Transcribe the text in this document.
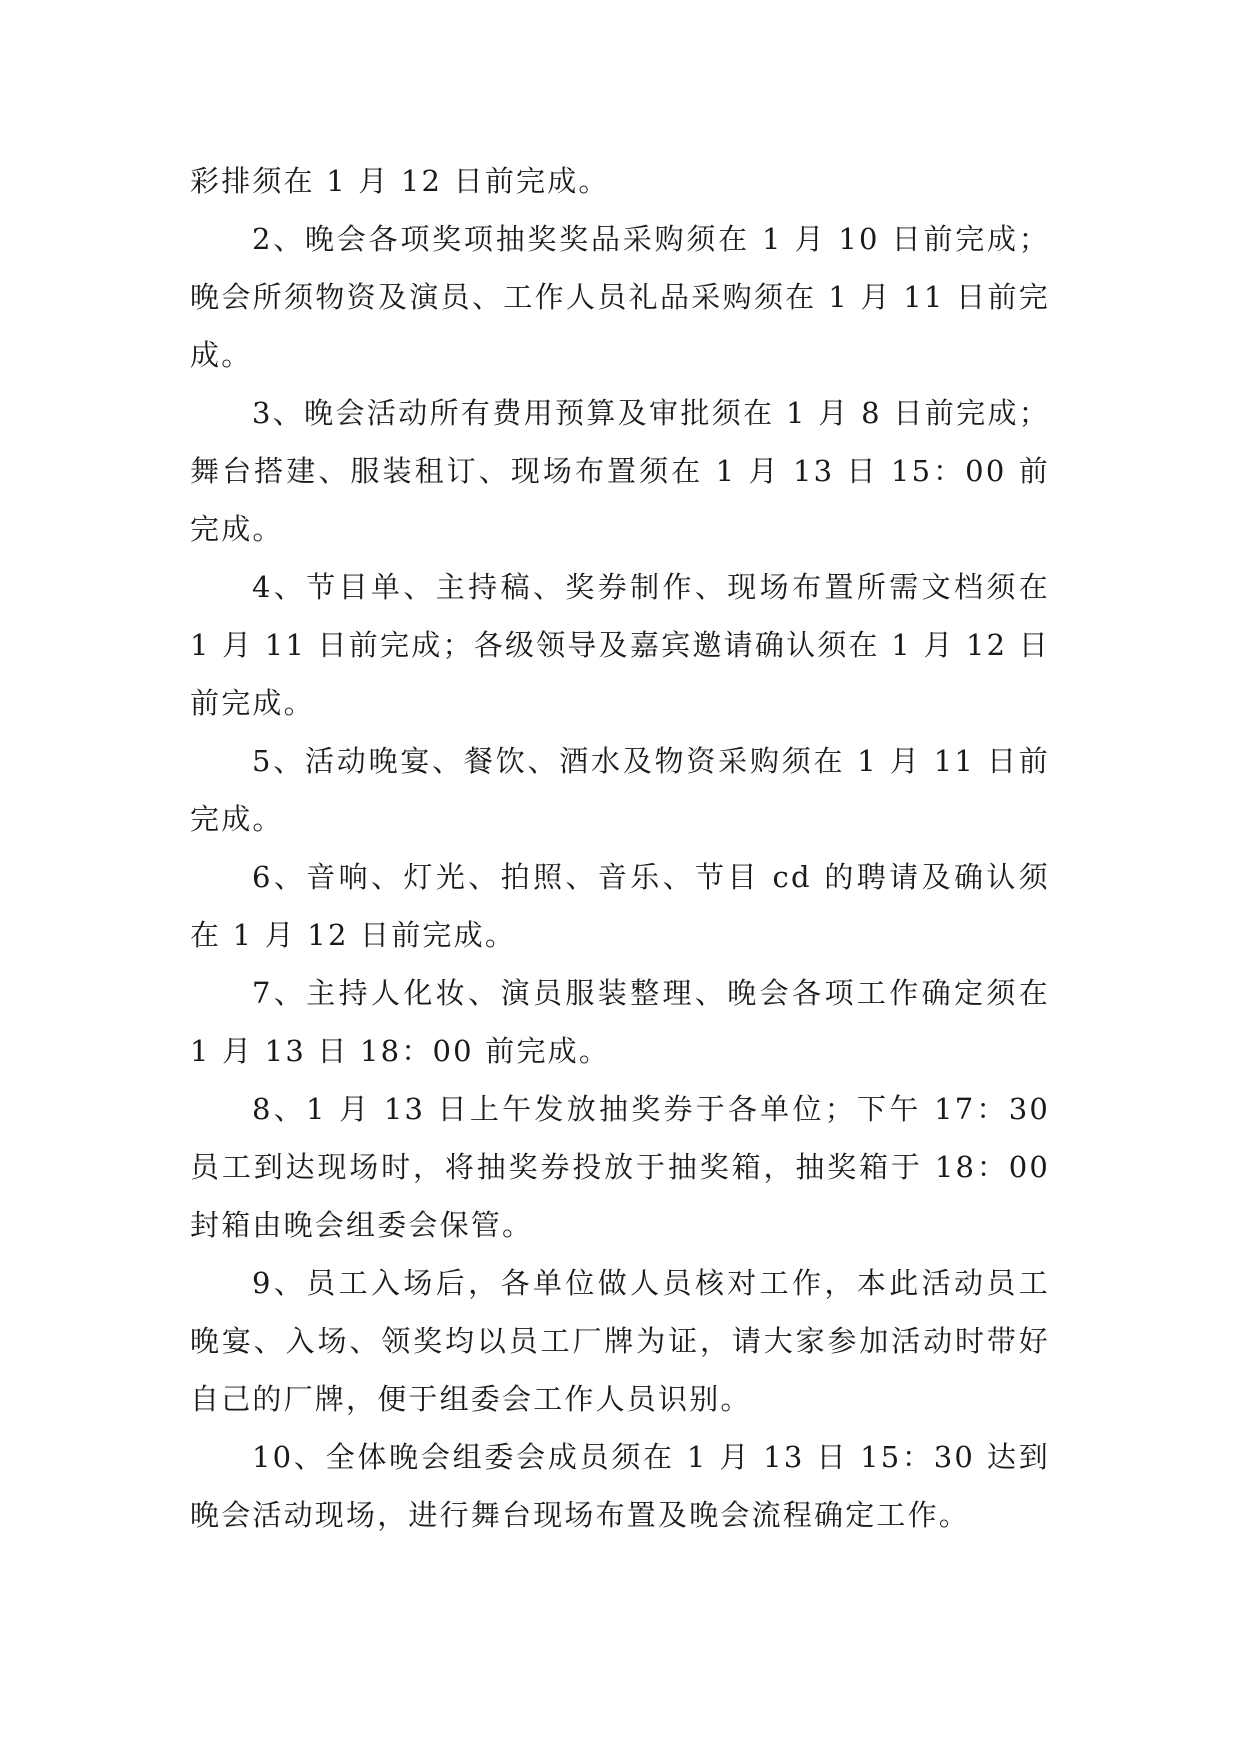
彩排须在 1 月 12 日前完成。

2、晚会各项奖项抽奖奖品采购须在 1 月 10 日前完成；晚会所须物资及演员、工作人员礼品采购须在 1 月 11 日前完成。

3、晚会活动所有费用预算及审批须在 1 月 8 日前完成；舞台搭建、服装租订、现场布置须在 1 月 13 日 15：00 前完成。

4、节目单、主持稿、奖券制作、现场布置所需文档须在 1 月 11 日前完成；各级领导及嘉宾邀请确认须在 1 月 12 日前完成。

5、活动晚宴、餐饮、酒水及物资采购须在 1 月 11 日前完成。

6、音响、灯光、拍照、音乐、节目 cd 的聘请及确认须在 1 月 12 日前完成。

7、主持人化妆、演员服装整理、晚会各项工作确定须在 1 月 13 日 18：00 前完成。

8、1 月 13 日上午发放抽奖券于各单位；下午 17：30 员工到达现场时，将抽奖券投放于抽奖箱，抽奖箱于 18：00 封箱由晚会组委会保管。

9、员工入场后，各单位做人员核对工作，本此活动员工晚宴、入场、领奖均以员工厂牌为证，请大家参加活动时带好自己的厂牌，便于组委会工作人员识别。

10、全体晚会组委会成员须在 1 月 13 日 15：30 达到晚会活动现场，进行舞台现场布置及晚会流程确定工作。
